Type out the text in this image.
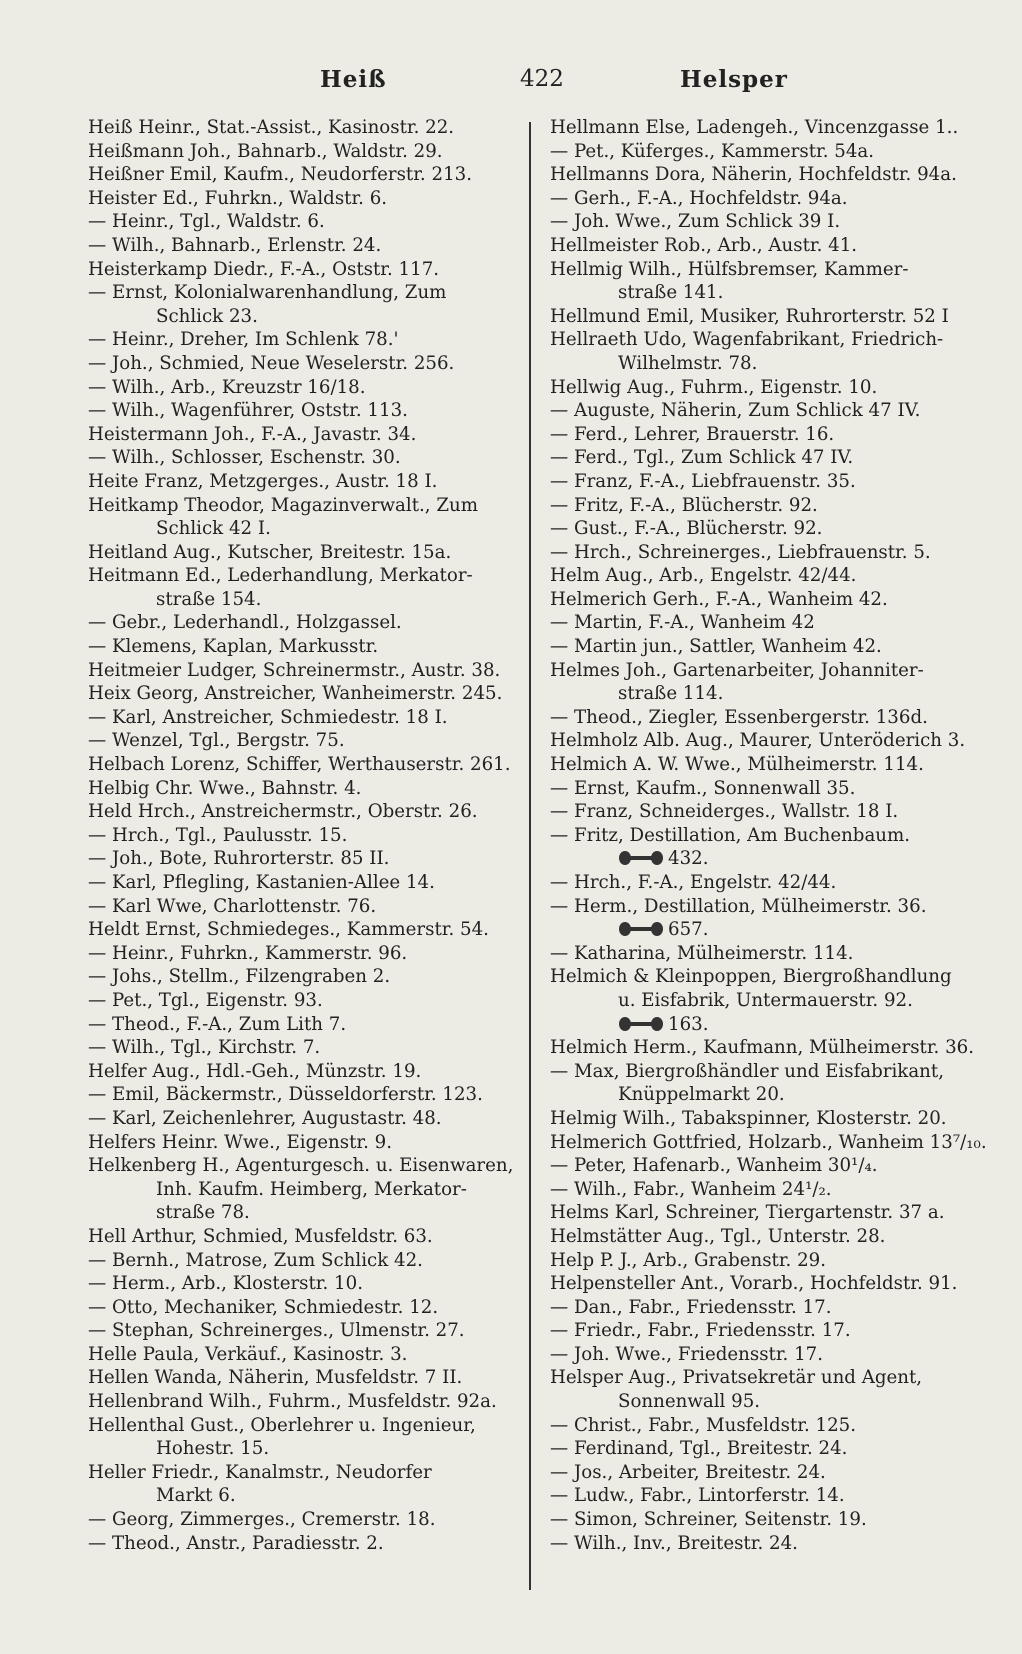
Heiß	422	Helsper
Heiß Heinr., Stat.-Assist., Kasinostr. 22.
Heißmann Joh., Bahnarb., Waldstr. 29.
Heißner Emil, Kaufm., Neudorferstr. 213.
Heister Ed., Fuhrkn., Waldstr. 6.
— Heinr., Tgl., Waldstr. 6.
— Wilh., Bahnarb., Erlenstr. 24.
Heisterkamp Diedr., F.-A., Oststr. 117.
— Ernst, Kolonialwarenhandlung, Zum
Schlick 23.
— Heinr., Dreher, Im Schlenk 78.'
— Joh., Schmied, Neue Weselerstr. 256.
— Wilh., Arb., Kreuzstr 16/18.
— Wilh., Wagenführer, Oststr. 113.
Heistermann Joh., F.-A., Javastr. 34.
— Wilh., Schlosser, Eschenstr. 30.
Heite Franz, Metzgerges., Austr. 18 I.
Heitkamp Theodor, Magazinverwalt., Zum
Schlick 42 I.
Heitland Aug., Kutscher, Breitestr. 15a.
Heitmann Ed., Lederhandlung, Merkator-
straße 154.
— Gebr., Lederhandl., Holzgassel.
— Klemens, Kaplan, Markusstr.
Heitmeier Ludger, Schreinermstr., Austr. 38.
Heix Georg, Anstreicher, Wanheimerstr. 245.
— Karl, Anstreicher, Schmiedestr. 18 I.
— Wenzel, Tgl., Bergstr. 75.
Helbach Lorenz, Schiffer, Werthauserstr. 261.
Helbig Chr. Wwe., Bahnstr. 4.
Held Hrch., Anstreichermstr., Oberstr. 26.
— Hrch., Tgl., Paulusstr. 15.
— Joh., Bote, Ruhrorterstr. 85 II.
— Karl, Pflegling, Kastanien-Allee 14.
— Karl Wwe, Charlottenstr. 76.
Heldt Ernst, Schmiedeges., Kammerstr. 54.
— Heinr., Fuhrkn., Kammerstr. 96.
— Johs., Stellm., Filzengraben 2.
— Pet., Tgl., Eigenstr. 93.
— Theod., F.-A., Zum Lith 7.
— Wilh., Tgl., Kirchstr. 7.
Helfer Aug., Hdl.-Geh., Münzstr. 19.
— Emil, Bäckermstr., Düsseldorferstr. 123.
— Karl, Zeichenlehrer, Augustastr. 48.
Helfers Heinr. Wwe., Eigenstr. 9.
Helkenberg H., Agenturgesch. u. Eisenwaren,
Inh. Kaufm. Heimberg, Merkator-
straße 78.
Hell Arthur, Schmied, Musfeldstr. 63.
— Bernh., Matrose, Zum Schlick 42.
— Herm., Arb., Klosterstr. 10.
— Otto, Mechaniker, Schmiedestr. 12.
— Stephan, Schreinerges., Ulmenstr. 27.
Helle Paula, Verkäuf., Kasinostr. 3.
Hellen Wanda, Näherin, Musfeldstr. 7 II.
Hellenbrand Wilh., Fuhrm., Musfeldstr. 92a.
Hellenthal Gust., Oberlehrer u. Ingenieur,
Hohestr. 15.
Heller Friedr., Kanalmstr., Neudorfer
Markt 6.
— Georg, Zimmerges., Cremerstr. 18.
— Theod., Anstr., Paradiesstr. 2.
Hellmann Else, Ladengeh., Vincenzgasse 1..
— Pet., Küferges., Kammerstr. 54a.
Hellmanns Dora, Näherin, Hochfeldstr. 94a.
— Gerh., F.-A., Hochfeldstr. 94a.
— Joh. Wwe., Zum Schlick 39 I.
Hellmeister Rob., Arb., Austr. 41.
Hellmig Wilh., Hülfsbremser, Kammer-
straße 141.
Hellmund Emil, Musiker, Ruhrorterstr. 52 I
Hellraeth Udo, Wagenfabrikant, Friedrich-
Wilhelmstr. 78.
Hellwig Aug., Fuhrm., Eigenstr. 10.
— Auguste, Näherin, Zum Schlick 47 IV.
— Ferd., Lehrer, Brauerstr. 16.
— Ferd., Tgl., Zum Schlick 47 IV.
— Franz, F.-A., Liebfrauenstr. 35.
— Fritz, F.-A., Blücherstr. 92.
— Gust., F.-A., Blücherstr. 92.
— Hrch., Schreinerges., Liebfrauenstr. 5.
Helm Aug., Arb., Engelstr. 42/44.
Helmerich Gerh., F.-A., Wanheim 42.
— Martin, F.-A., Wanheim 42
— Martin jun., Sattler, Wanheim 42.
Helmes Joh., Gartenarbeiter, Johanniter-
straße 114.
— Theod., Ziegler, Essenbergerstr. 136d.
Helmholz Alb. Aug., Maurer, Unteröderich 3.
Helmich A. W. Wwe., Mülheimerstr. 114.
— Ernst, Kaufm., Sonnenwall 35.
— Franz, Schneiderges., Wallstr. 18 I.
— Fritz, Destillation, Am Buchenbaum.
432.
— Hrch., F.-A., Engelstr. 42/44.
— Herm., Destillation, Mülheimerstr. 36.
657.
— Katharina, Mülheimerstr. 114.
Helmich & Kleinpoppen, Biergroßhandlung
u. Eisfabrik, Untermauerstr. 92.
163.
Helmich Herm., Kaufmann, Mülheimerstr. 36.
— Max, Biergroßhändler und Eisfabrikant,
Knüppelmarkt 20.
Helmig Wilh., Tabakspinner, Klosterstr. 20.
Helmerich Gottfried, Holzarb., Wanheim 13⁷/₁₀.
— Peter, Hafenarb., Wanheim 30¹/₄.
— Wilh., Fabr., Wanheim 24¹/₂.
Helms Karl, Schreiner, Tiergartenstr. 37 a.
Helmstätter Aug., Tgl., Unterstr. 28.
Help P. J., Arb., Grabenstr. 29.
Helpensteller Ant., Vorarb., Hochfeldstr. 91.
— Dan., Fabr., Friedensstr. 17.
— Friedr., Fabr., Friedensstr. 17.
— Joh. Wwe., Friedensstr. 17.
Helsper Aug., Privatsekretär und Agent,
Sonnenwall 95.
— Christ., Fabr., Musfeldstr. 125.
— Ferdinand, Tgl., Breitestr. 24.
— Jos., Arbeiter, Breitestr. 24.
— Ludw., Fabr., Lintorferstr. 14.
— Simon, Schreiner, Seitenstr. 19.
— Wilh., Inv., Breitestr. 24.
